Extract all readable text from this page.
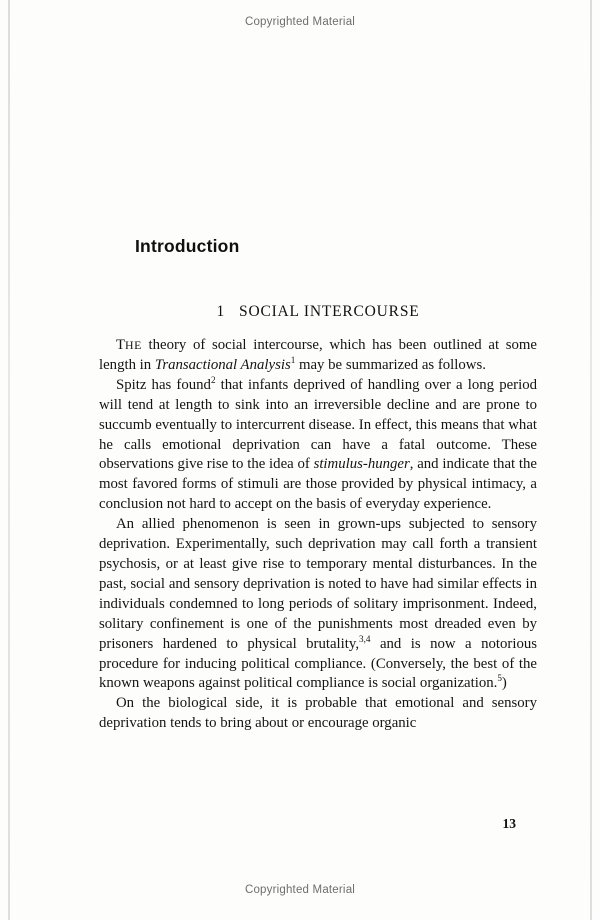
Copyrighted Material
Introduction
1   SOCIAL INTERCOURSE

THE theory of social intercourse, which has been outlined at some length in Transactional Analysis$^1$ may be summarized as follows.

Spitz has found$^2$ that infants deprived of handling over a long period will tend at length to sink into an irreversible decline and are prone to succumb eventually to intercurrent disease. In effect, this means that what he calls emotional deprivation can have a fatal outcome. These observations give rise to the idea of stimulus-hunger, and indicate that the most favored forms of stimuli are those provided by physical intimacy, a conclusion not hard to accept on the basis of everyday experience.

An allied phenomenon is seen in grown-ups subjected to sensory deprivation. Experimentally, such deprivation may call forth a transient psychosis, or at least give rise to temporary mental disturbances. In the past, social and sensory deprivation is noted to have had similar effects in individuals condemned to long periods of solitary imprisonment. Indeed, solitary confinement is one of the punishments most dreaded even by prisoners hardened to physical brutality,$^{3,4}$ and is now a notorious procedure for inducing political compliance. (Conversely, the best of the known weapons against political compliance is social organization.$^5$)

On the biological side, it is probable that emotional and sensory deprivation tends to bring about or encourage organic

13
Copyrighted Material
